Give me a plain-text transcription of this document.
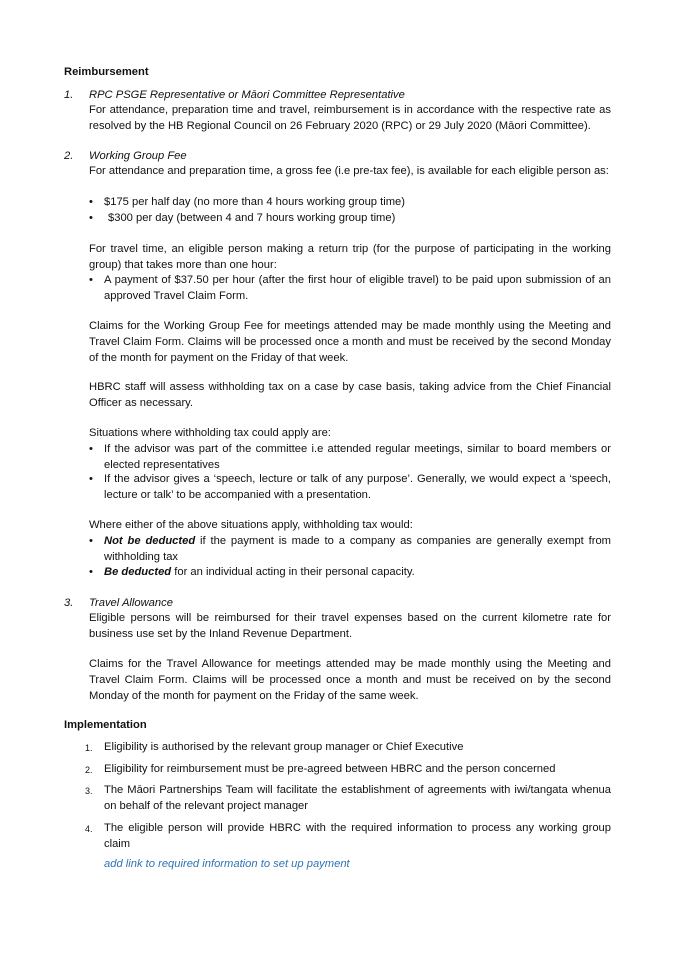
Reimbursement
1. RPC PSGE Representative or Māori Committee Representative
For attendance, preparation time and travel, reimbursement is in accordance with the respective rate as resolved by the HB Regional Council on 26 February 2020 (RPC) or 29 July 2020 (Māori Committee).
2. Working Group Fee
For attendance and preparation time, a gross fee (i.e pre-tax fee), is available for each eligible person as:
• $175 per half day (no more than 4 hours working group time)
• $300 per day (between 4 and 7 hours working group time)
For travel time, an eligible person making a return trip (for the purpose of participating in the working group) that takes more than one hour:
• A payment of $37.50 per hour (after the first hour of eligible travel) to be paid upon submission of an approved Travel Claim Form.
Claims for the Working Group Fee for meetings attended may be made monthly using the Meeting and Travel Claim Form. Claims will be processed once a month and must be received by the second Monday of the month for payment on the Friday of that week.
HBRC staff will assess withholding tax on a case by case basis, taking advice from the Chief Financial Officer as necessary.
Situations where withholding tax could apply are:
• If the advisor was part of the committee i.e attended regular meetings, similar to board members or elected representatives
• If the advisor gives a ‘speech, lecture or talk of any purpose’. Generally, we would expect a ‘speech, lecture or talk’ to be accompanied with a presentation.
Where either of the above situations apply, withholding tax would:
• Not be deducted if the payment is made to a company as companies are generally exempt from withholding tax
• Be deducted for an individual acting in their personal capacity.
3. Travel Allowance
Eligible persons will be reimbursed for their travel expenses based on the current kilometre rate for business use set by the Inland Revenue Department.
Claims for the Travel Allowance for meetings attended may be made monthly using the Meeting and Travel Claim Form. Claims will be processed once a month and must be received on by the second Monday of the month for payment on the Friday of the same week.
Implementation
1. Eligibility is authorised by the relevant group manager or Chief Executive
2. Eligibility for reimbursement must be pre-agreed between HBRC and the person concerned
3. The Māori Partnerships Team will facilitate the establishment of agreements with iwi/tangata whenua on behalf of the relevant project manager
4. The eligible person will provide HBRC with the required information to process any working group claim
add link to required information to set up payment
